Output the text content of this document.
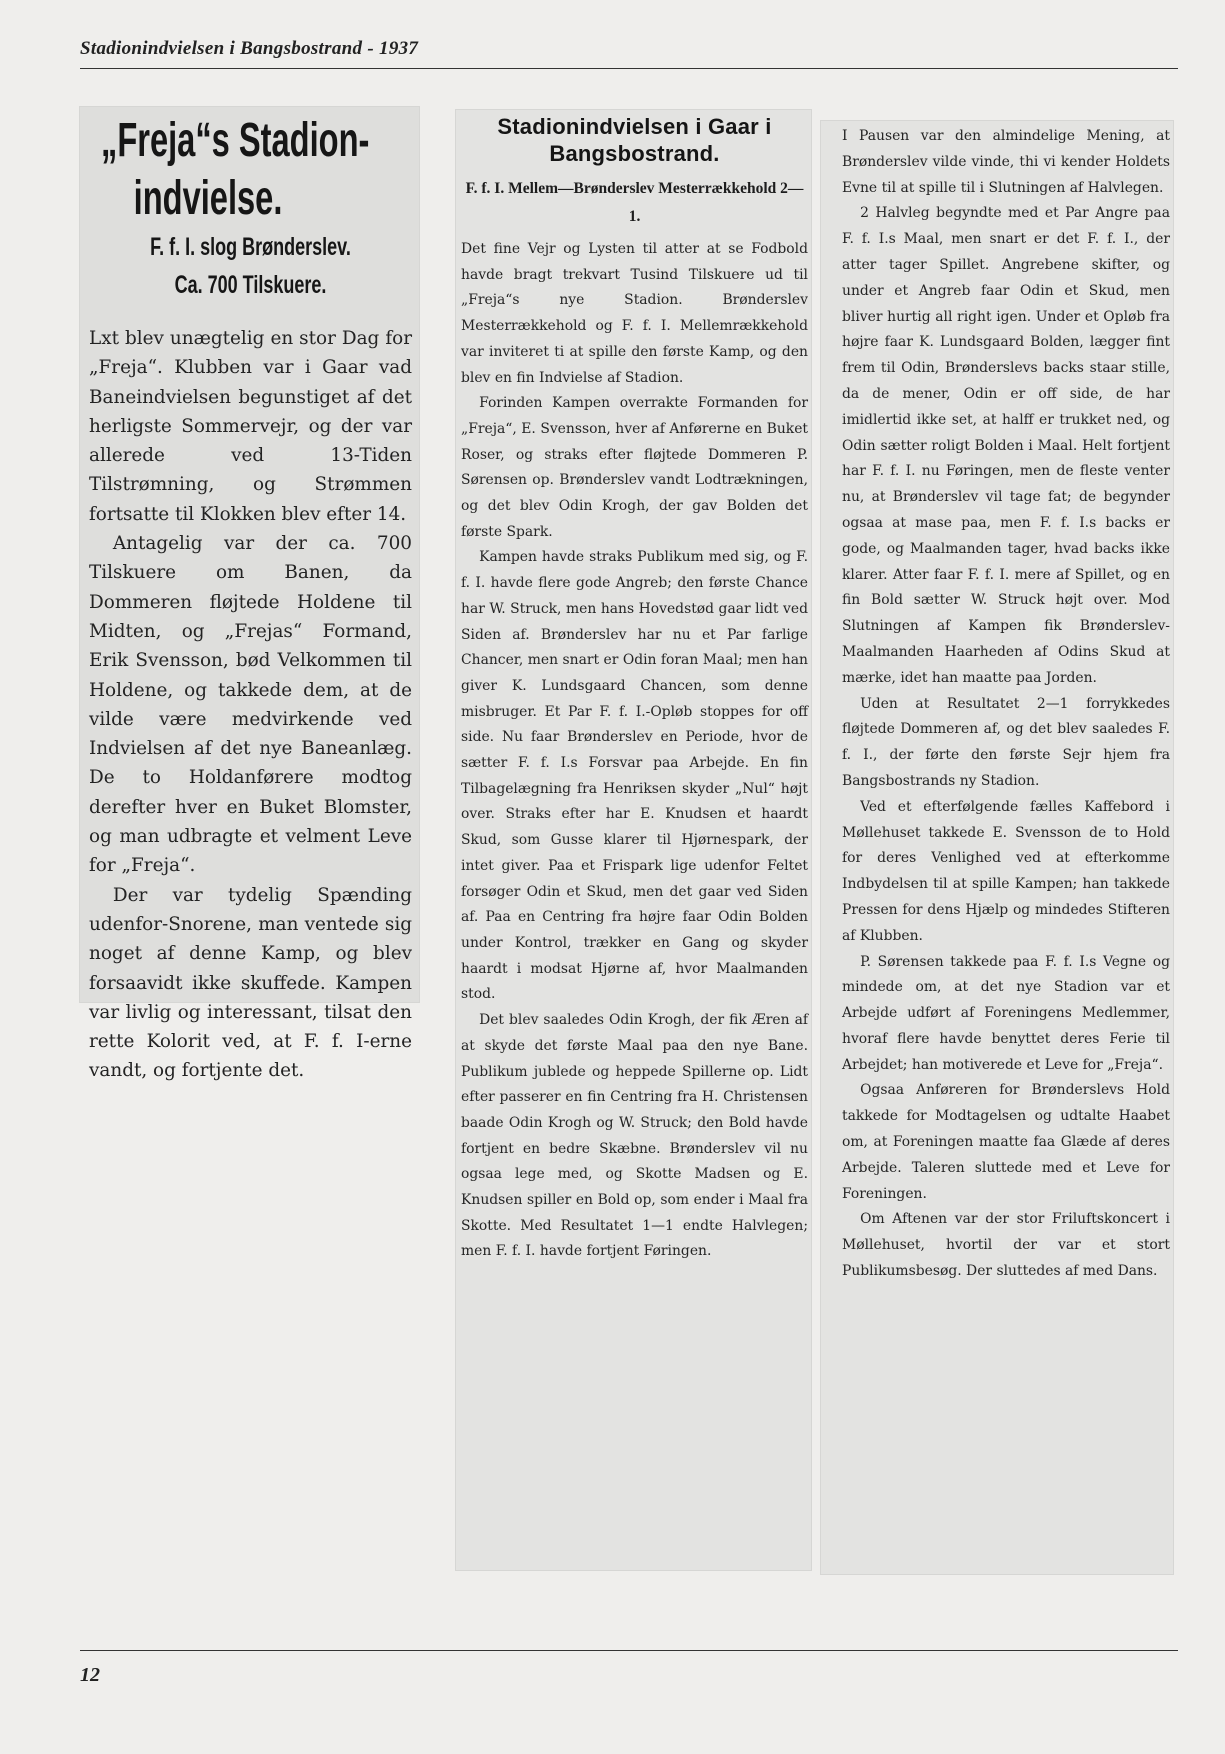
Stadionindvielsen i Bangsbostrand - 1937
„Freja“s Stadion-
indvielse.
F. f. I. slog Brønderslev.
Ca. 700 Tilskuere.

Lxt blev unægtelig en stor Dag for „Freja“. Klubben var i Gaar vad Baneindvielsen begunstiget af det herligste Sommervejr, og der var allerede ved 13-Tiden Tilstrømning, og Strømmen fortsatte til Klokken blev efter 14.

Antagelig var der ca. 700 Tilskuere om Banen, da Dommeren fløjtede Holdene til Midten, og „Frejas“ Formand, Erik Svensson, bød Velkommen til Holdene, og takkede dem, at de vilde være medvirkende ved Indvielsen af det nye Baneanlæg. De to Holdanførere modtog derefter hver en Buket Blomster, og man udbragte et velment Leve for „Freja“.

Der var tydelig Spænding udenfor-Snorene, man ventede sig noget af denne Kamp, og blev forsaavidt ikke skuffede. Kampen var livlig og interessant, tilsat den rette Kolorit ved, at F. f. I-erne vandt, og fortjente det.

Stadionindvielsen i Gaar i Bangsbostrand.
F. f. I. Mellem—Brønderslev Mesterrækkehold 2—1.

Det fine Vejr og Lysten til atter at se Fodbold havde bragt trekvart Tusind Tilskuere ud til „Freja“s nye Stadion. Brønderslev Mesterrækkehold og F. f. I. Mellemrækkehold var inviteret ti at spille den første Kamp, og den blev en fin Indvielse af Stadion.

Forinden Kampen overrakte Formanden for „Freja“, E. Svensson, hver af Anførerne en Buket Roser, og straks efter fløjtede Dommeren P. Sørensen op. Brønderslev vandt Lodtrækningen, og det blev Odin Krogh, der gav Bolden det første Spark.

Kampen havde straks Publikum med sig, og F. f. I. havde flere gode Angreb; den første Chance har W. Struck, men hans Hovedstød gaar lidt ved Siden af. Brønderslev har nu et Par farlige Chancer, men snart er Odin foran Maal; men han giver K. Lundsgaard Chancen, som denne misbruger. Et Par F. f. I.-Opløb stoppes for off side. Nu faar Brønderslev en Periode, hvor de sætter F. f. I.s Forsvar paa Arbejde. En fin Tilbagelægning fra Henriksen skyder „Nul“ højt over. Straks efter har E. Knudsen et haardt Skud, som Gusse klarer til Hjørnespark, der intet giver. Paa et Frispark lige udenfor Feltet forsøger Odin et Skud, men det gaar ved Siden af. Paa en Centring fra højre faar Odin Bolden under Kontrol, trækker en Gang og skyder haardt i modsat Hjørne af, hvor Maalmanden stod.

Det blev saaledes Odin Krogh, der fik Æren af at skyde det første Maal paa den nye Bane. Publikum jublede og heppede Spillerne op. Lidt efter passerer en fin Centring fra H. Christensen baade Odin Krogh og W. Struck; den Bold havde fortjent en bedre Skæbne. Brønderslev vil nu ogsaa lege med, og Skotte Madsen og E. Knudsen spiller en Bold op, som ender i Maal fra Skotte. Med Resultatet 1—1 endte Halvlegen; men F. f. I. havde fortjent Føringen.

I Pausen var den almindelige Mening, at Brønderslev vilde vinde, thi vi kender Holdets Evne til at spille til i Slutningen af Halvlegen.

2 Halvleg begyndte med et Par Angre paa F. f. I.s Maal, men snart er det F. f. I., der atter tager Spillet. Angrebene skifter, og under et Angreb faar Odin et Skud, men bliver hurtig all right igen. Under et Opløb fra højre faar K. Lundsgaard Bolden, lægger fint frem til Odin, Brønderslevs backs staar stille, da de mener, Odin er off side, de har imidlertid ikke set, at halff er trukket ned, og Odin sætter roligt Bolden i Maal. Helt fortjent har F. f. I. nu Føringen, men de fleste venter nu, at Brønderslev vil tage fat; de begynder ogsaa at mase paa, men F. f. I.s backs er gode, og Maalmanden tager, hvad backs ikke klarer. Atter faar F. f. I. mere af Spillet, og en fin Bold sætter W. Struck højt over. Mod Slutningen af Kampen fik Brønderslev-Maalmanden Haarheden af Odins Skud at mærke, idet han maatte paa Jorden.

Uden at Resultatet 2—1 forrykkedes fløjtede Dommeren af, og det blev saaledes F. f. I., der førte den første Sejr hjem fra Bangsbostrands ny Stadion.

Ved et efterfølgende fælles Kaffebord i Møllehuset takkede E. Svensson de to Hold for deres Venlighed ved at efterkomme Indbydelsen til at spille Kampen; han takkede Pressen for dens Hjælp og mindedes Stifteren af Klubben.

P. Sørensen takkede paa F. f. I.s Vegne og mindede om, at det nye Stadion var et Arbejde udført af Foreningens Medlemmer, hvoraf flere havde benyttet deres Ferie til Arbejdet; han motiverede et Leve for „Freja“.

Ogsaa Anføreren for Brønderslevs Hold takkede for Modtagelsen og udtalte Haabet om, at Foreningen maatte faa Glæde af deres Arbejde. Taleren sluttede med et Leve for Foreningen.

Om Aftenen var der stor Friluftskoncert i Møllehuset, hvortil der var et stort Publikumsbesøg. Der sluttedes af med Dans.

12
